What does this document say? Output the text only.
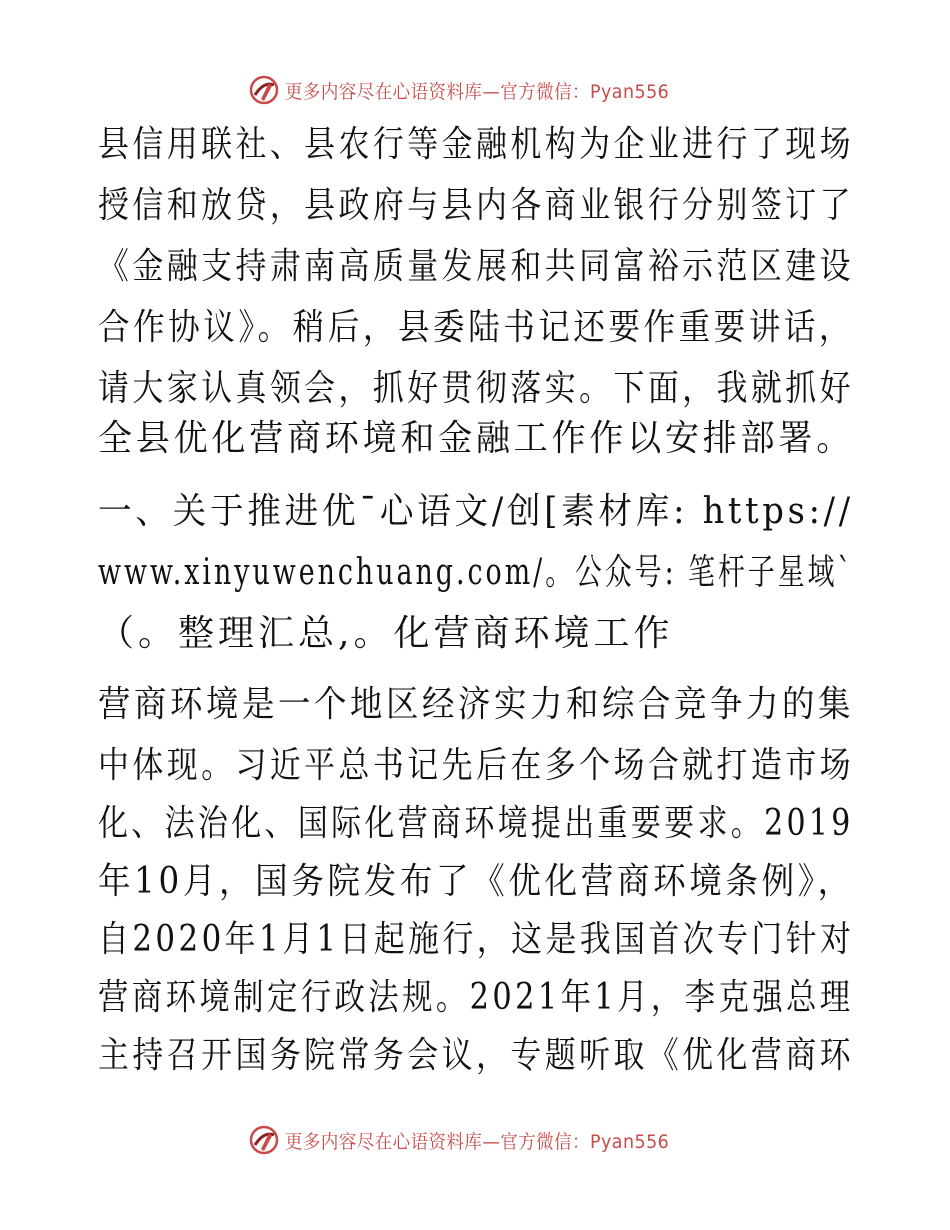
更多内容尽在心语资料库—官方微信：Pyan556
县信用联社、县农行等金融机构为企业进行了现场
授信和放贷，县政府与县内各商业银行分别签订了
《金融支持肃南高质量发展和共同富裕示范区建设
合作协议》。稍后，县委陆书记还要作重要讲话，
请大家认真领会，抓好贯彻落实。下面，我就抓好
全县优化营商环境和金融工作作以安排部署。
一、关于推进优¯心语文/创[素材库: https://
www.xinyuwenchuang.com/。公众号: 笔杆子星域`
（。整理汇总,。化营商环境工作
营商环境是一个地区经济实力和综合竞争力的集
中体现。习近平总书记先后在多个场合就打造市场
化、法治化、国际化营商环境提出重要要求。2019
年10月，国务院发布了《优化营商环境条例》，
自2020年1月1日起施行，这是我国首次专门针对
营商环境制定行政法规。2021年1月，李克强总理
主持召开国务院常务会议，专题听取《优化营商环
更多内容尽在心语资料库—官方微信：Pyan556
